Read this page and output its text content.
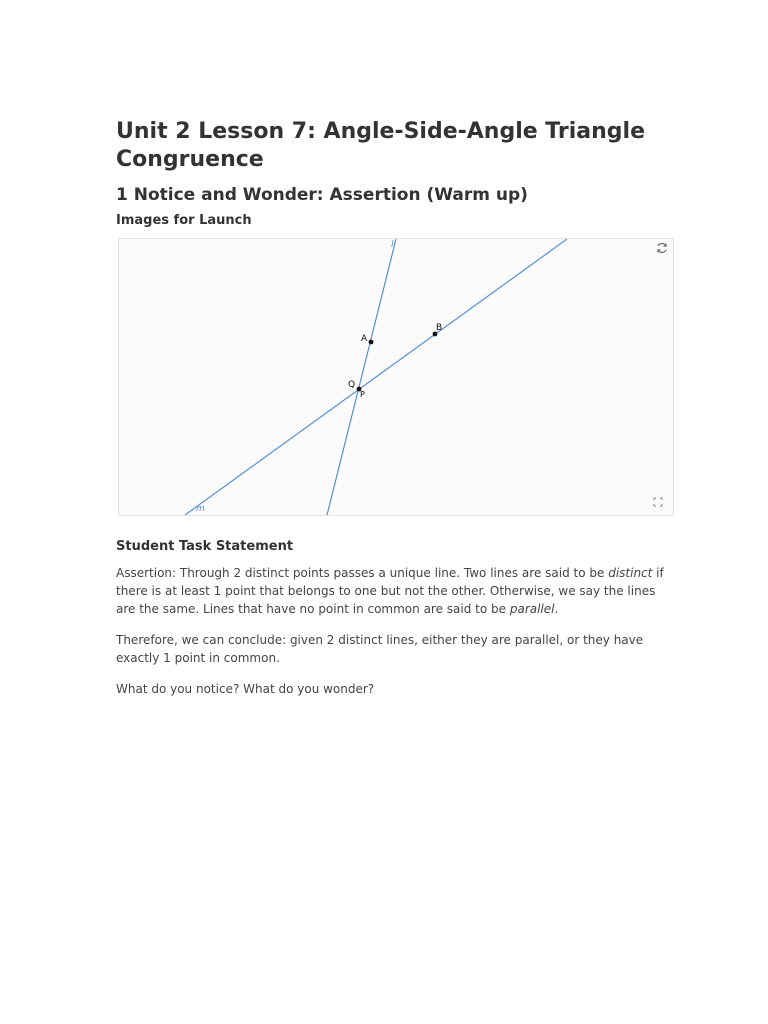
Unit 2 Lesson 7: Angle-Side-Angle Triangle Congruence
1 Notice and Wonder: Assertion (Warm up)
Images for Launch
l
m
A
B
Q
P
Student Task Statement

Assertion: Through 2 distinct points passes a unique line. Two lines are said to be distinct if there is at least 1 point that belongs to one but not the other. Otherwise, we say the lines are the same. Lines that have no point in common are said to be parallel.

Therefore, we can conclude: given 2 distinct lines, either they are parallel, or they have exactly 1 point in common.

What do you notice? What do you wonder?
